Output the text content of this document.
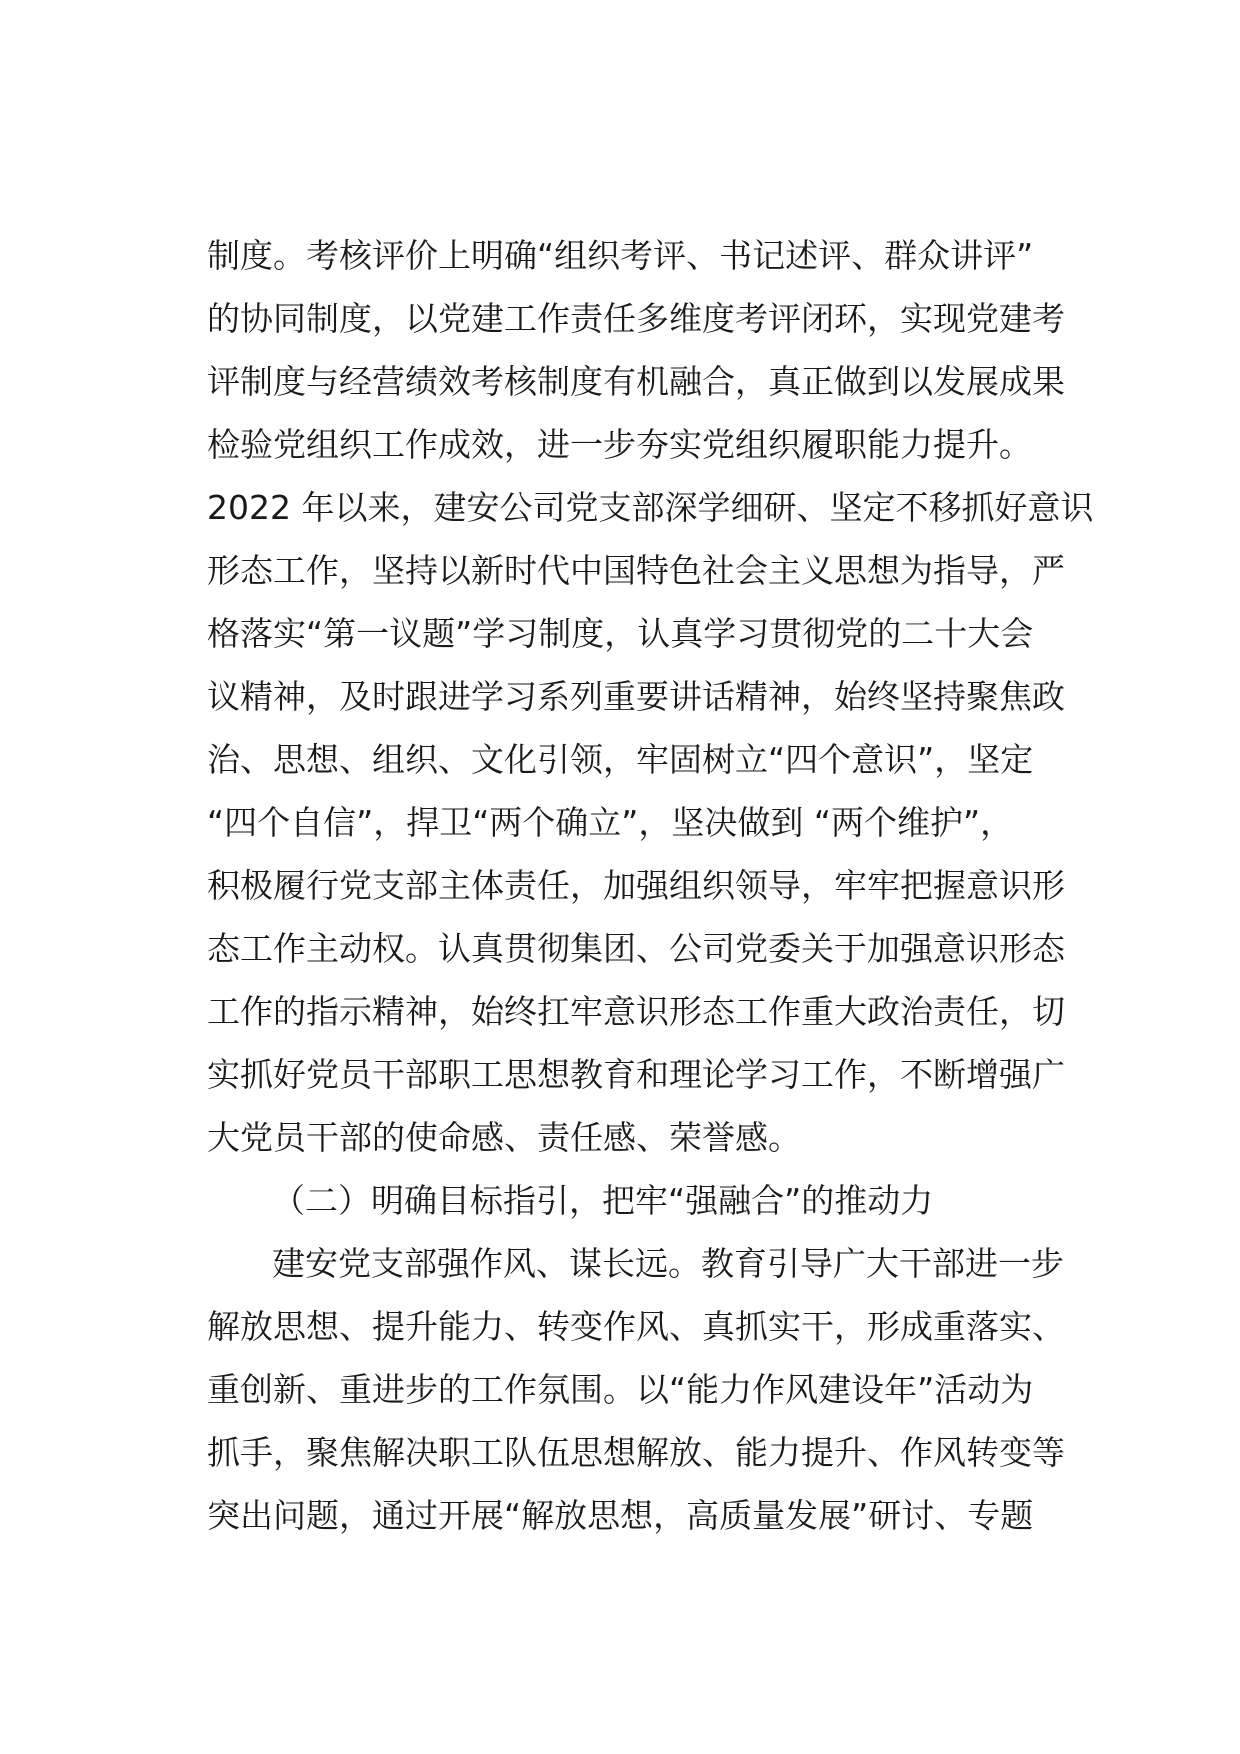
制度。考核评价上明确“组织考评、书记述评、群众讲评”
的协同制度，以党建工作责任多维度考评闭环，实现党建考
评制度与经营绩效考核制度有机融合，真正做到以发展成果
检验党组织工作成效，进一步夯实党组织履职能力提升。
2022 年以来，建安公司党支部深学细研、坚定不移抓好意识
形态工作，坚持以新时代中国特色社会主义思想为指导，严
格落实“第一议题”学习制度，认真学习贯彻党的二十大会
议精神，及时跟进学习系列重要讲话精神，始终坚持聚焦政
治、思想、组织、文化引领，牢固树立“四个意识”，坚定
“四个自信”，捍卫“两个确立”，坚决做到 “两个维护”，
积极履行党支部主体责任，加强组织领导，牢牢把握意识形
态工作主动权。认真贯彻集团、公司党委关于加强意识形态
工作的指示精神，始终扛牢意识形态工作重大政治责任，切
实抓好党员干部职工思想教育和理论学习工作，不断增强广
大党员干部的使命感、责任感、荣誉感。
（二）明确目标指引，把牢“强融合”的推动力
建安党支部强作风、谋长远。教育引导广大干部进一步
解放思想、提升能力、转变作风、真抓实干，形成重落实、
重创新、重进步的工作氛围。以“能力作风建设年”活动为
抓手，聚焦解决职工队伍思想解放、能力提升、作风转变等
突出问题，通过开展“解放思想，高质量发展”研讨、专题
